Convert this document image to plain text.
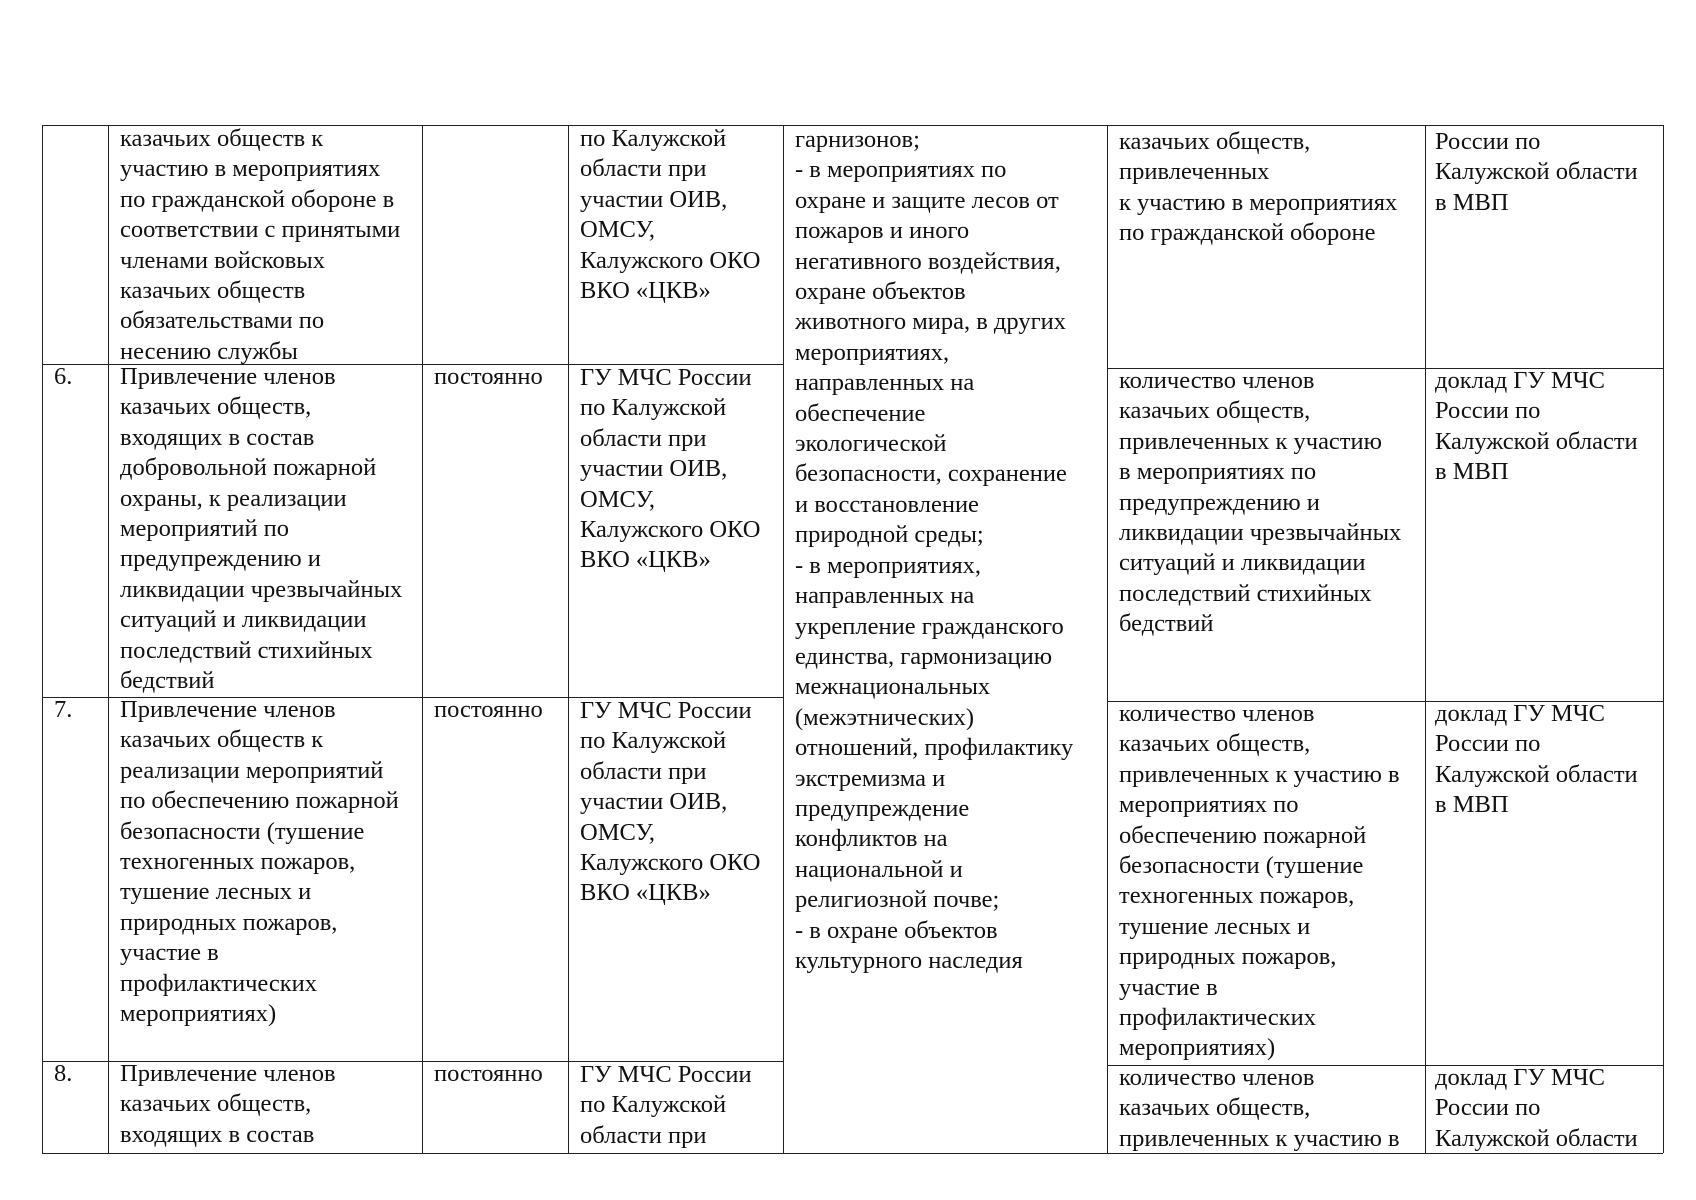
казачьих обществ к
участию в мероприятиях
по гражданской обороне в
соответствии с принятыми
членами войсковых
казачьих обществ
обязательствами по
несению службы
по Калужской
области при
участии ОИВ,
ОМСУ,
Калужского ОКО
ВКО «ЦКВ»
казачьих обществ,
привлеченных
к участию в мероприятиях
по гражданской обороне
России по
Калужской области
в МВП
гарнизонов;
- в мероприятиях по
охране и защите лесов от
пожаров и иного
негативного воздействия,
охране объектов
животного мира, в других
мероприятиях,
направленных на
обеспечение
экологической
безопасности, сохранение
и восстановление
природной среды;
- в мероприятиях,
направленных на
укрепление гражданского
единства, гармонизацию
межнациональных
(межэтнических)
отношений, профилактику
экстремизма и
предупреждение
конфликтов на
национальной и
религиозной почве;
- в охране объектов
культурного наследия
6. Привлечение членов
казачьих обществ,
входящих в состав
добровольной пожарной
охраны, к реализации
мероприятий по
предупреждению и
ликвидации чрезвычайных
ситуаций и ликвидации
последствий стихийных
бедствий
постоянно ГУ МЧС России
по Калужской
области при
участии ОИВ,
ОМСУ,
Калужского ОКО
ВКО «ЦКВ»
количество членов
казачьих обществ,
привлеченных к участию
в мероприятиях по
предупреждению и
ликвидации чрезвычайных
ситуаций и ликвидации
последствий стихийных
бедствий
доклад ГУ МЧС
России по
Калужской области
в МВП
7. Привлечение членов
казачьих обществ к
реализации мероприятий
по обеспечению пожарной
безопасности (тушение
техногенных пожаров,
тушение лесных и
природных пожаров,
участие в
профилактических
мероприятиях)
постоянно ГУ МЧС России
по Калужской
области при
участии ОИВ,
ОМСУ,
Калужского ОКО
ВКО «ЦКВ»
количество членов
казачьих обществ,
привлеченных к участию в
мероприятиях по
обеспечению пожарной
безопасности (тушение
техногенных пожаров,
тушение лесных и
природных пожаров,
участие в
профилактических
мероприятиях)
доклад ГУ МЧС
России по
Калужской области
в МВП
8. Привлечение членов
казачьих обществ,
входящих в состав
постоянно ГУ МЧС России
по Калужской
области при
количество членов
казачьих обществ,
привлеченных к участию в
доклад ГУ МЧС
России по
Калужской области
